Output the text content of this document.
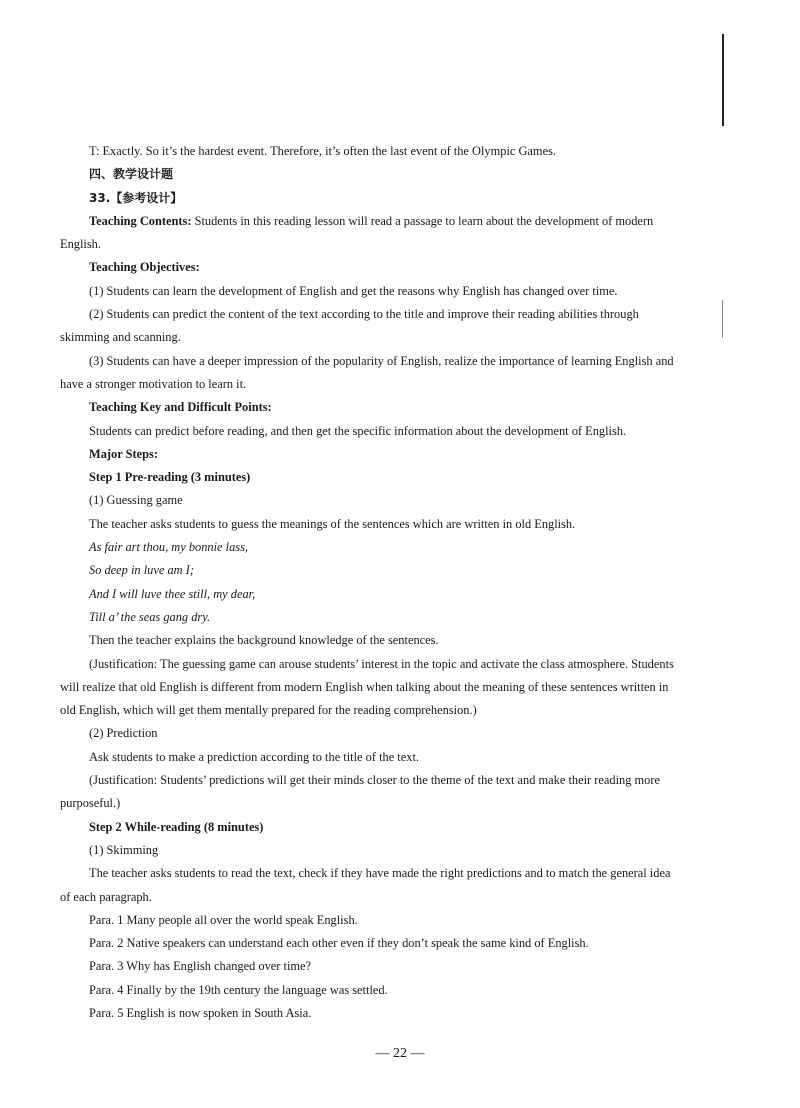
T: Exactly. So it’s the hardest event. Therefore, it’s often the last event of the Olympic Games.

四、教学设计题

33.【参考设计】

Teaching Contents: Students in this reading lesson will read a passage to learn about the development of modern English.

Teaching Objectives:

(1) Students can learn the development of English and get the reasons why English has changed over time.

(2) Students can predict the content of the text according to the title and improve their reading abilities through skimming and scanning.

(3) Students can have a deeper impression of the popularity of English, realize the importance of learning English and have a stronger motivation to learn it.

Teaching Key and Difficult Points:

Students can predict before reading, and then get the specific information about the development of English.

Major Steps:

Step 1 Pre-reading (3 minutes)

(1) Guessing game

The teacher asks students to guess the meanings of the sentences which are written in old English.

As fair art thou, my bonnie lass,

So deep in luve am I;

And I will luve thee still, my dear,

Till a’ the seas gang dry.

Then the teacher explains the background knowledge of the sentences.

(Justification: The guessing game can arouse students’ interest in the topic and activate the class atmosphere. Students will realize that old English is different from modern English when talking about the meaning of these sentences written in old English, which will get them mentally prepared for the reading comprehension.)

(2) Prediction

Ask students to make a prediction according to the title of the text.

(Justification: Students’ predictions will get their minds closer to the theme of the text and make their reading more purposeful.)

Step 2 While-reading (8 minutes)

(1) Skimming

The teacher asks students to read the text, check if they have made the right predictions and to match the general idea of each paragraph.

Para. 1 Many people all over the world speak English.

Para. 2 Native speakers can understand each other even if they don’t speak the same kind of English.

Para. 3 Why has English changed over time?

Para. 4 Finally by the 19th century the language was settled.

Para. 5 English is now spoken in South Asia.

— 22 —
